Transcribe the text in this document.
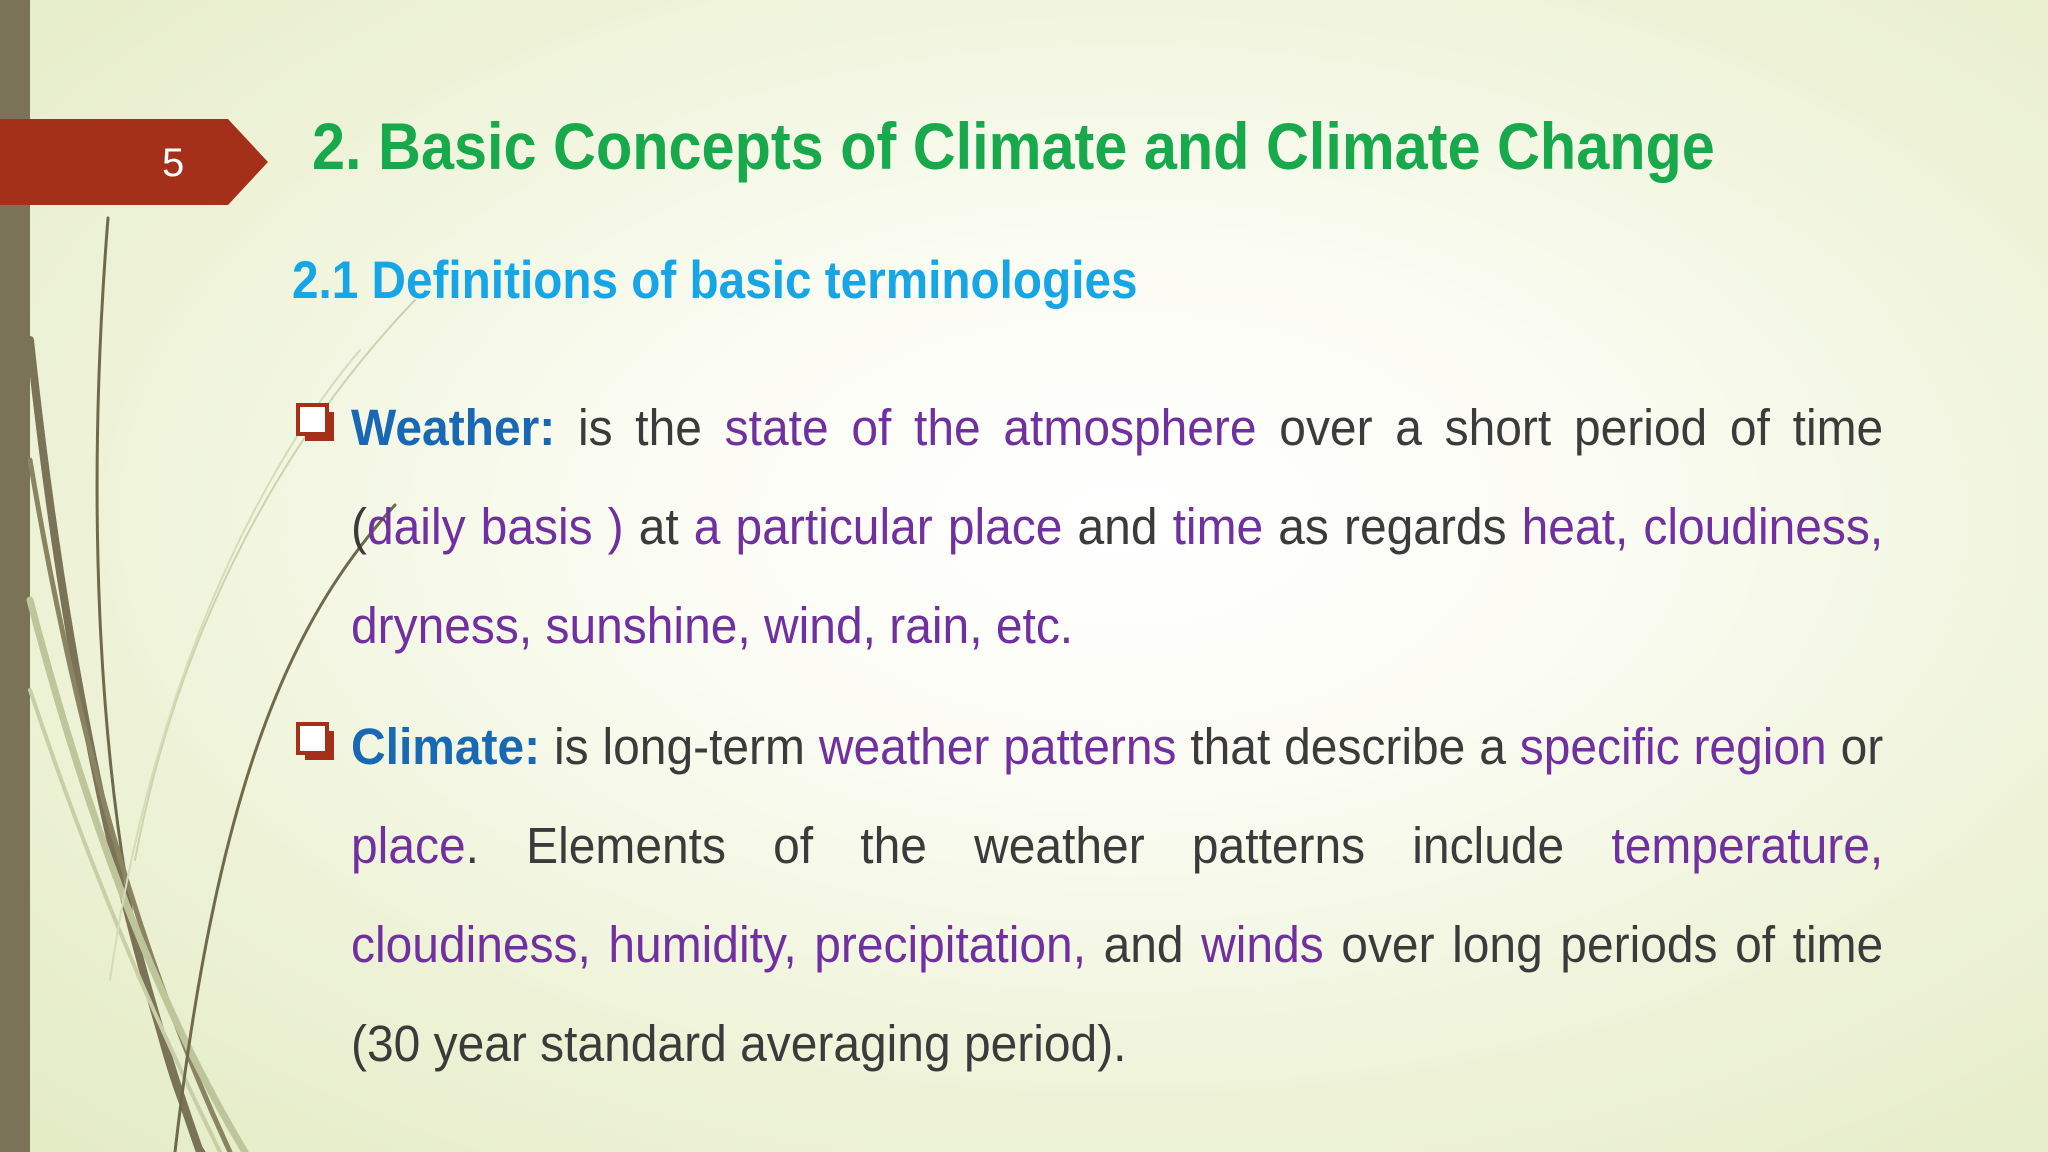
5	2. Basic Concepts of Climate and Climate Change
2.1 Definitions of basic terminologies
Weather: is the state of the atmosphere over a short period of time (daily basis ) at a particular place and time as regards heat, cloudiness, dryness, sunshine, wind, rain, etc.
Climate: is long-term weather patterns that describe a specific region or place. Elements of the weather patterns include temperature, cloudiness, humidity, precipitation, and winds over long periods of time (30 year standard averaging period).
